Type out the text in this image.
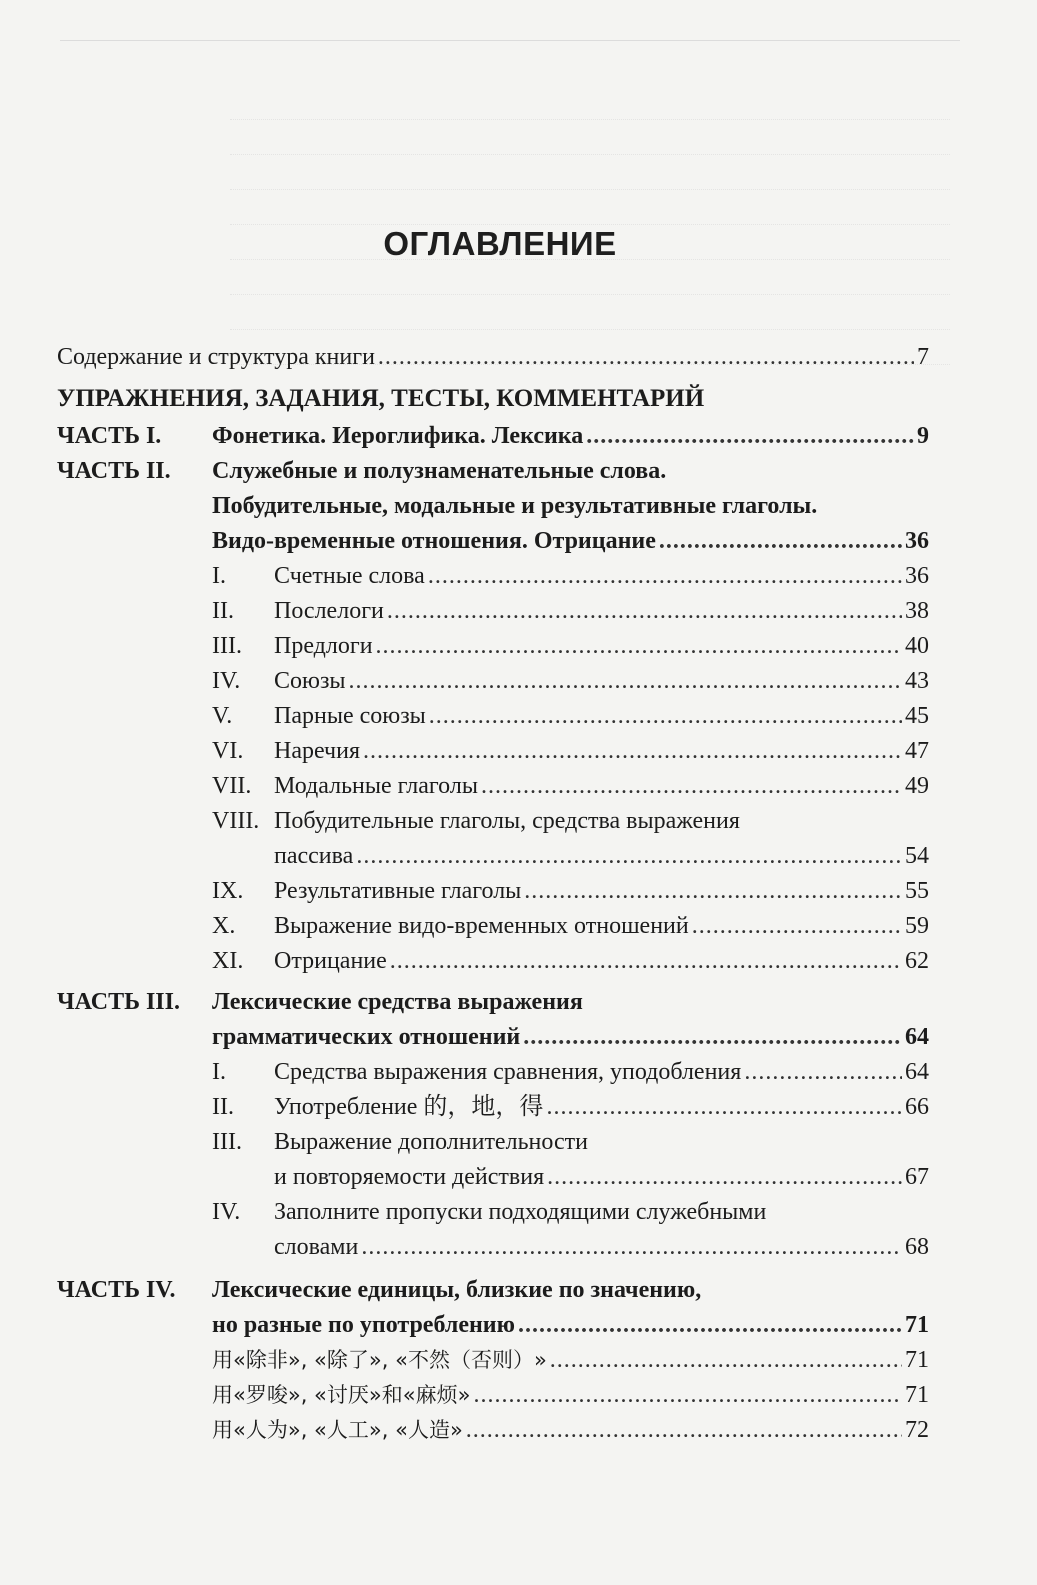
ОГЛАВЛЕНИЕ
Содержание и структура книги .....	7
УПРАЖНЕНИЯ, ЗАДАНИЯ, ТЕСТЫ, КОММЕНТАРИЙ
ЧАСТЬ I.	Фонетика. Иероглифика. Лексика .....	9
ЧАСТЬ II.	Служебные и полузнаменательные слова.
Побудительные, модальные и результативные глаголы.
Видо-временные отношения. Отрицание .....	36
I.	Счетные слова .....	36
II.	Послелоги .....	38
III.	Предлоги .....	40
IV.	Союзы .....	43
V.	Парные союзы .....	45
VI.	Наречия .....	47
VII. Модальные глаголы .....	49
VIII. Побудительные глаголы, средства выражения
пассива .....	54
IX.	Результативные глаголы .....	55
X.	Выражение видо-временных отношений .....	59
XI.	Отрицание .....	62
ЧАСТЬ III.	Лексические средства выражения
грамматических отношений .....	64
I.	Средства выражения сравнения, уподобления .....	64
II.	Употребление 的，地，得 .....	66
III.	Выражение дополнительности
и повторяемости действия .....	67
IV.	Заполните пропуски подходящими служебными
словами .....	68
ЧАСТЬ IV.	Лексические единицы, близкие по значению,
но разные по употреблению .....	71
用«除非», «除了», «不然（否则）» .....	71
用«罗唆», «讨厌»和«麻烦» .....	71
用«人为», «人工», «人造» .....	72
